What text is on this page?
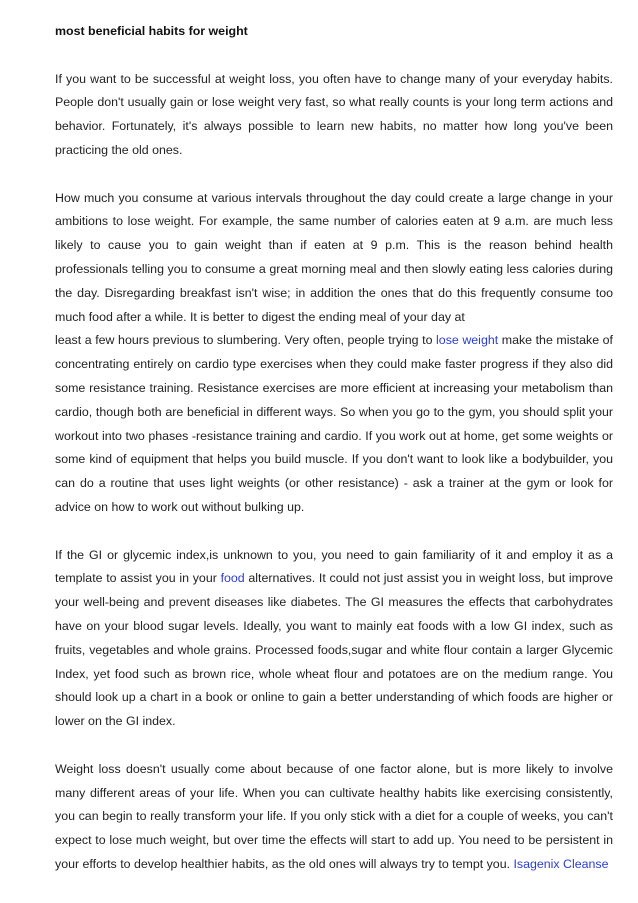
most beneficial habits for weight
If you want to be successful at weight loss, you often have to change many of your everyday habits. People don't usually gain or lose weight very fast, so what really counts is your long term actions and behavior. Fortunately, it's always possible to learn new habits, no matter how long you've been practicing the old ones.
How much you consume at various intervals throughout the day could create a large change in your ambitions to lose weight. For example, the same number of calories eaten at 9 a.m. are much less likely to cause you to gain weight than if eaten at 9 p.m. This is the reason behind health professionals telling you to consume a great morning meal and then slowly eating less calories during the day. Disregarding breakfast isn't wise; in addition the ones that do this frequently consume too much food after a while. It is better to digest the ending meal of your day at
least a few hours previous to slumbering. Very often, people trying to lose weight make the mistake of concentrating entirely on cardio type exercises when they could make faster progress if they also did some resistance training. Resistance exercises are more efficient at increasing your metabolism than cardio, though both are beneficial in different ways. So when you go to the gym, you should split your workout into two phases -resistance training and cardio. If you work out at home, get some weights or some kind of equipment that helps you build muscle. If you don't want to look like a bodybuilder, you can do a routine that uses light weights (or other resistance) - ask a trainer at the gym or look for advice on how to work out without bulking up.
If the GI or glycemic index,is unknown to you, you need to gain familiarity of it and employ it as a template to assist you in your food alternatives. It could not just assist you in weight loss, but improve your well-being and prevent diseases like diabetes. The GI measures the effects that carbohydrates have on your blood sugar levels. Ideally, you want to mainly eat foods with a low GI index, such as fruits, vegetables and whole grains. Processed foods,sugar and white flour contain a larger Glycemic Index, yet food such as brown rice, whole wheat flour and potatoes are on the medium range. You should look up a chart in a book or online to gain a better understanding of which foods are higher or lower on the GI index.
Weight loss doesn't usually come about because of one factor alone, but is more likely to involve many different areas of your life. When you can cultivate healthy habits like exercising consistently, you can begin to really transform your life. If you only stick with a diet for a couple of weeks, you can't expect to lose much weight, but over time the effects will start to add up. You need to be persistent in your efforts to develop healthier habits, as the old ones will always try to tempt you. Isagenix Cleanse
